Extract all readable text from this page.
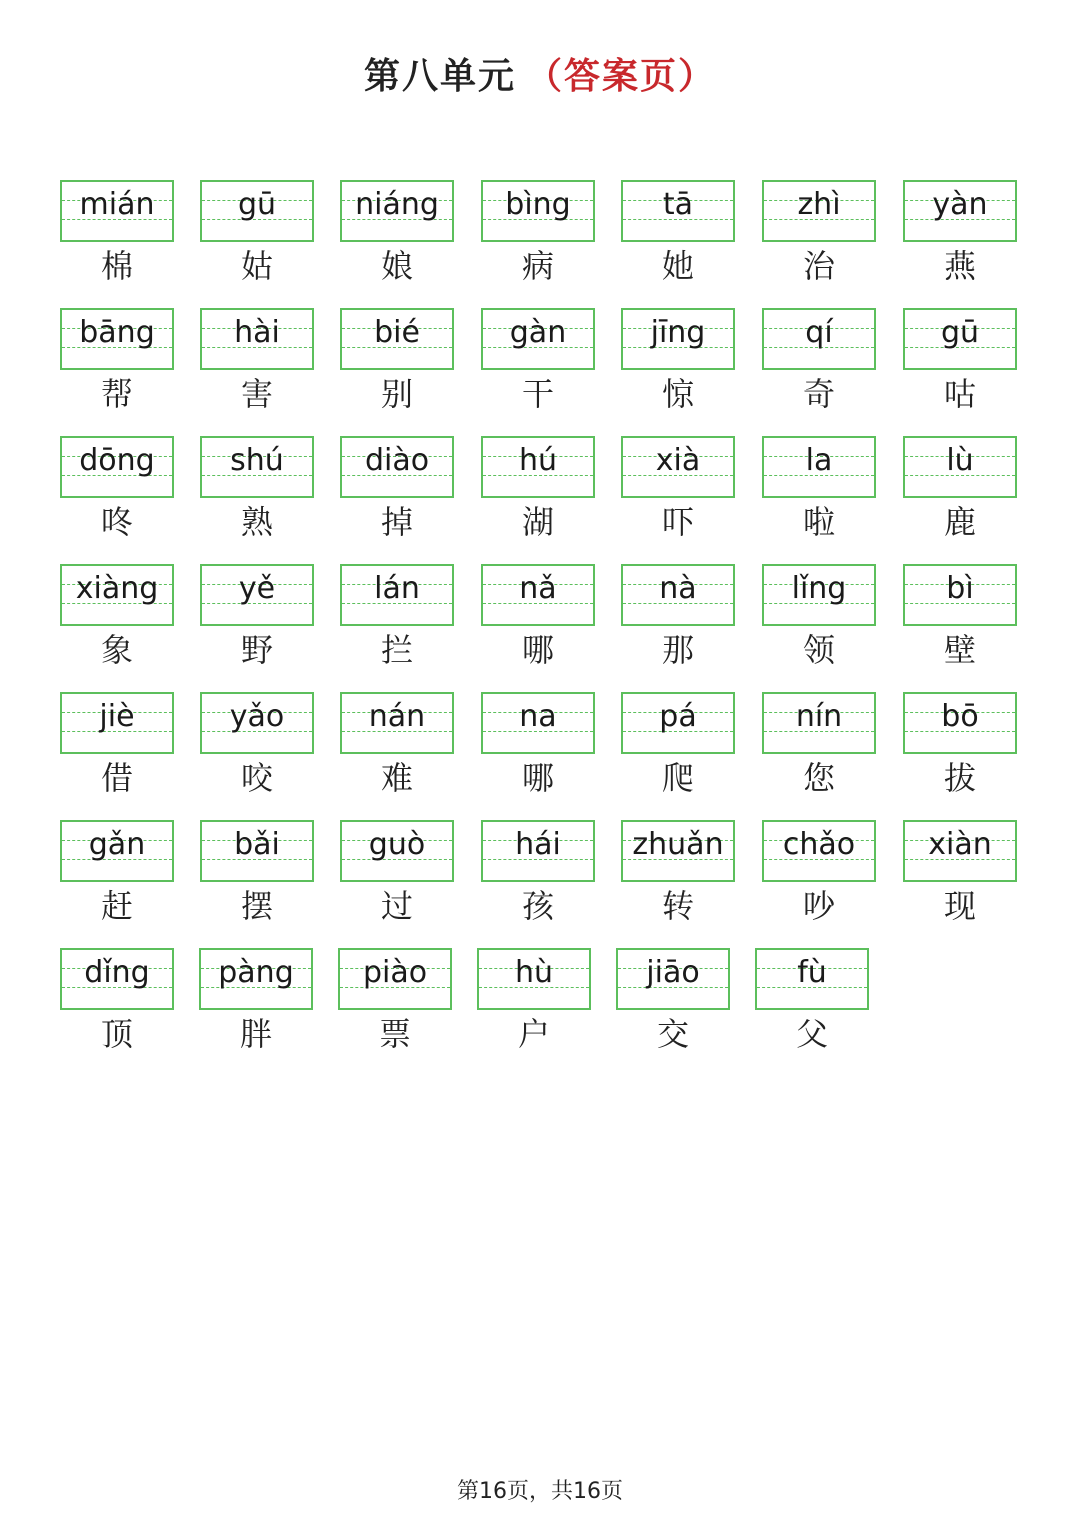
第八单元 （答案页）
mián
棉
gū
姑
niáng
娘
bìng
病
tā
她
zhì
治
yàn
燕
bāng
帮
hài
害
bié
别
gàn
干
jīng
惊
qí
奇
gū
咕
dōng
咚
shú
熟
diào
掉
hú
湖
xià
吓
la
啦
lù
鹿
xiàng
象
yě
野
lán
拦
nǎ
哪
nà
那
lǐng
领
bì
壁
jiè
借
yǎo
咬
nán
难
na
哪
pá
爬
nín
您
bō
拔
gǎn
赶
bǎi
摆
guò
过
hái
孩
zhuǎn
转
chǎo
吵
xiàn
现
dǐng
顶
pàng
胖
piào
票
hù
户
jiāo
交
fù
父
第16页，共16页
